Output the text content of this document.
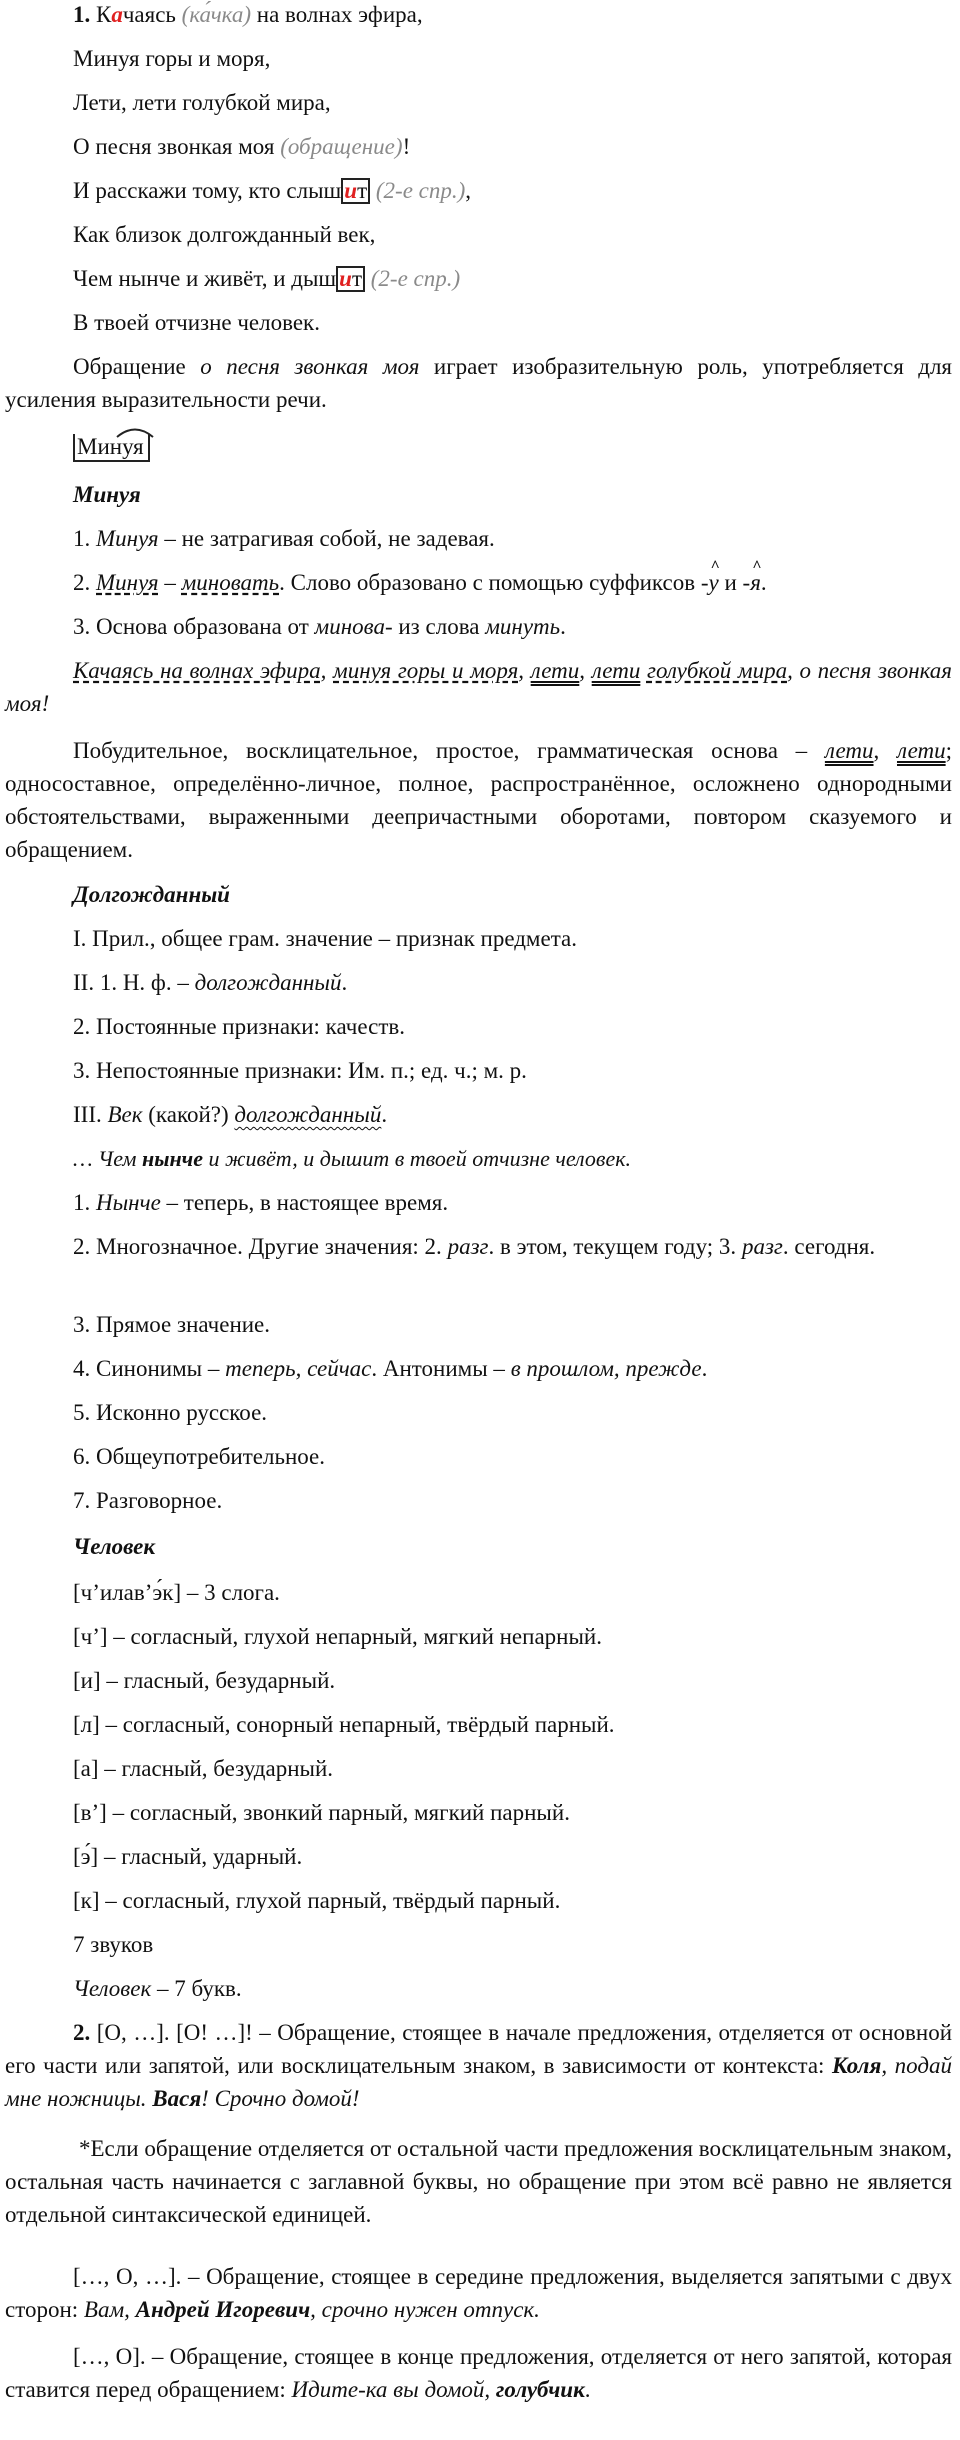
1. Качаясь (ка́чка) на волнах эфира,
Минуя горы и моря,
Лети, лети голубкой мира,
О песня звонкая моя (обращение)!
И расскажи тому, кто слыш ит (2-е спр.),
Как близок долгожданный век,
Чем нынче и живёт, и дыш ит (2-е спр.)
В твоей отчизне человек.
Обращение о песня звонкая моя играет изобразительную роль, употребляется для усиления выразительности речи.
Минуя
Минуя
1. Минуя – не затрагивая собой, не задевая.
2. Минуя – миновать. Слово образовано с помощью суффиксов -
^
у и -
^
я.
3. Основа образована от минова- из слова минуть.
Качаясь на волнах эфира, минуя горы и моря, лети, лети голубкой мира, о песня звонкая моя!
Побудительное, восклицательное, простое, грамматическая основа – лети, лети; односоставное, определённо-личное, полное, распространённое, осложнено однородными обстоятельствами, выраженными деепричастными оборотами, повтором сказуемого и обращением.
Долгожданный
I. Прил., общее грам. значение – признак предмета.
II. 1. Н. ф. – долгожданный.
2. Постоянные признаки: качеств.
3. Непостоянные признаки: Им. п.; ед. ч.; м. р.
III. Век (какой?) долгожданный.
… Чем нынче и живёт, и дышит в твоей отчизне человек.
1. Нынче – теперь, в настоящее время.
2. Многозначное. Другие значения: 2. разг. в этом, текущем году; 3. разг. сегодня.
3. Прямое значение.
4. Синонимы – теперь, сейчас. Антонимы – в прошлом, прежде.
5. Исконно русское.
6. Общеупотребительное.
7. Разговорное.
Человек
[ч’илав’э́к] – 3 слога.
[ч’] – согласный, глухой непарный, мягкий непарный.
[и] – гласный, безударный.
[л] – согласный, сонорный непарный, твёрдый парный.
[а] – гласный, безударный.
[в’] – согласный, звонкий парный, мягкий парный.
[э́] – гласный, ударный.
[к] – согласный, глухой парный, твёрдый парный.
7 звуков
Человек – 7 букв.
2. [О, …]. [О! …]! – Обращение, стоящее в начале предложения, отделяется от основной его части или запятой, или восклицательным знаком, в зависимости от контекста: Коля, подай мне ножницы. Вася! Срочно домой!
*Если обращение отделяется от остальной части предложения восклицательным знаком, остальная часть начинается с заглавной буквы, но обращение при этом всё равно не является отдельной синтаксической единицей.
[…, О, …]. – Обращение, стоящее в середине предложения, выделяется запятыми с двух сторон: Вам, Андрей Игоревич, срочно нужен отпуск.
[…, О]. – Обращение, стоящее в конце предложения, отделяется от него запятой, которая ставится перед обращением: Идите-ка вы домой, голубчик.
